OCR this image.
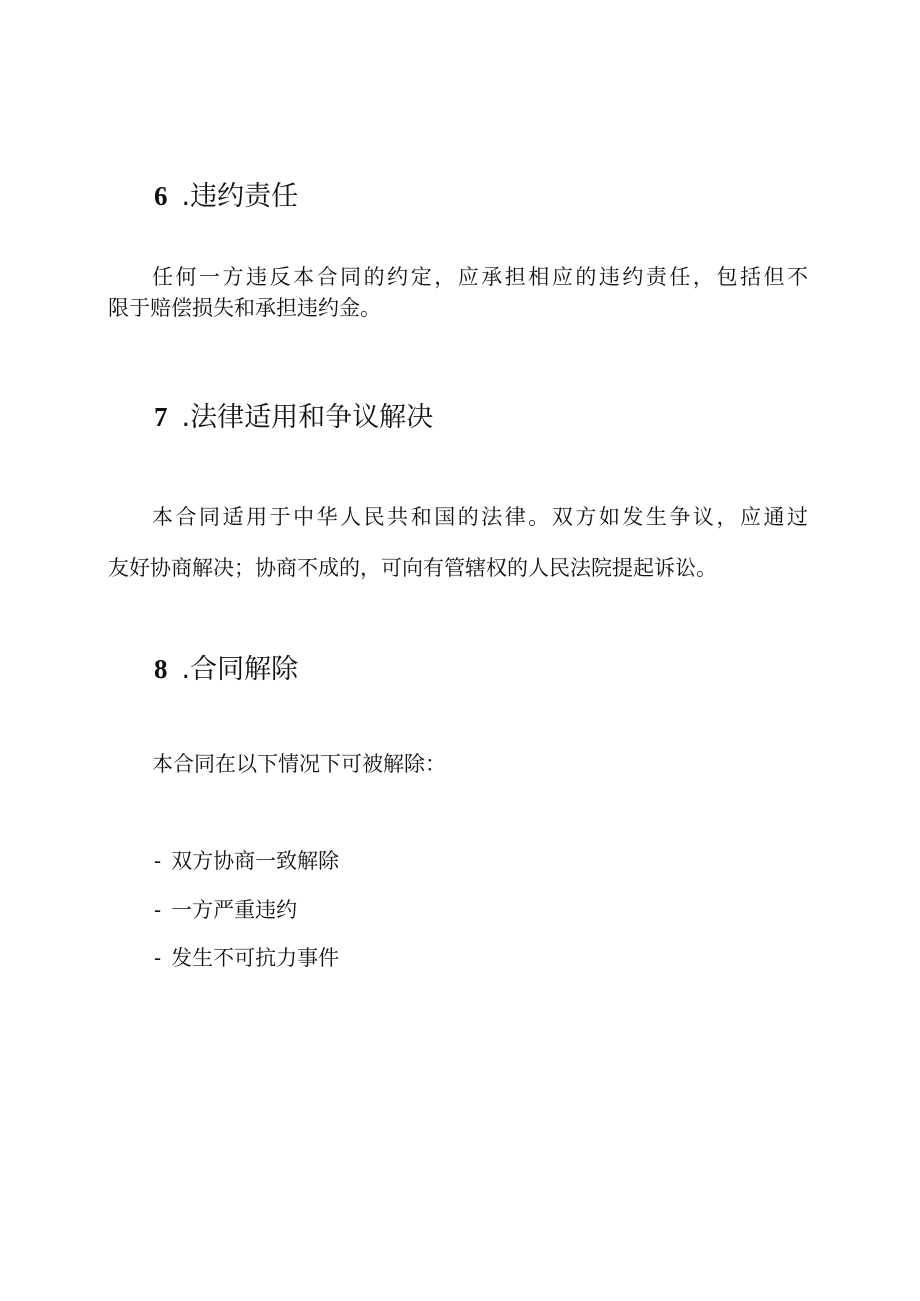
6 .违约责任
任何一方违反本合同的约定，应承担相应的违约责任，包括但不
限于赔偿损失和承担违约金。
7 .法律适用和争议解决
本合同适用于中华人民共和国的法律。双方如发生争议，应通过
友好协商解决；协商不成的，可向有管辖权的人民法院提起诉讼。
8 .合同解除
本合同在以下情况下可被解除：
- 双方协商一致解除
- 一方严重违约
- 发生不可抗力事件
